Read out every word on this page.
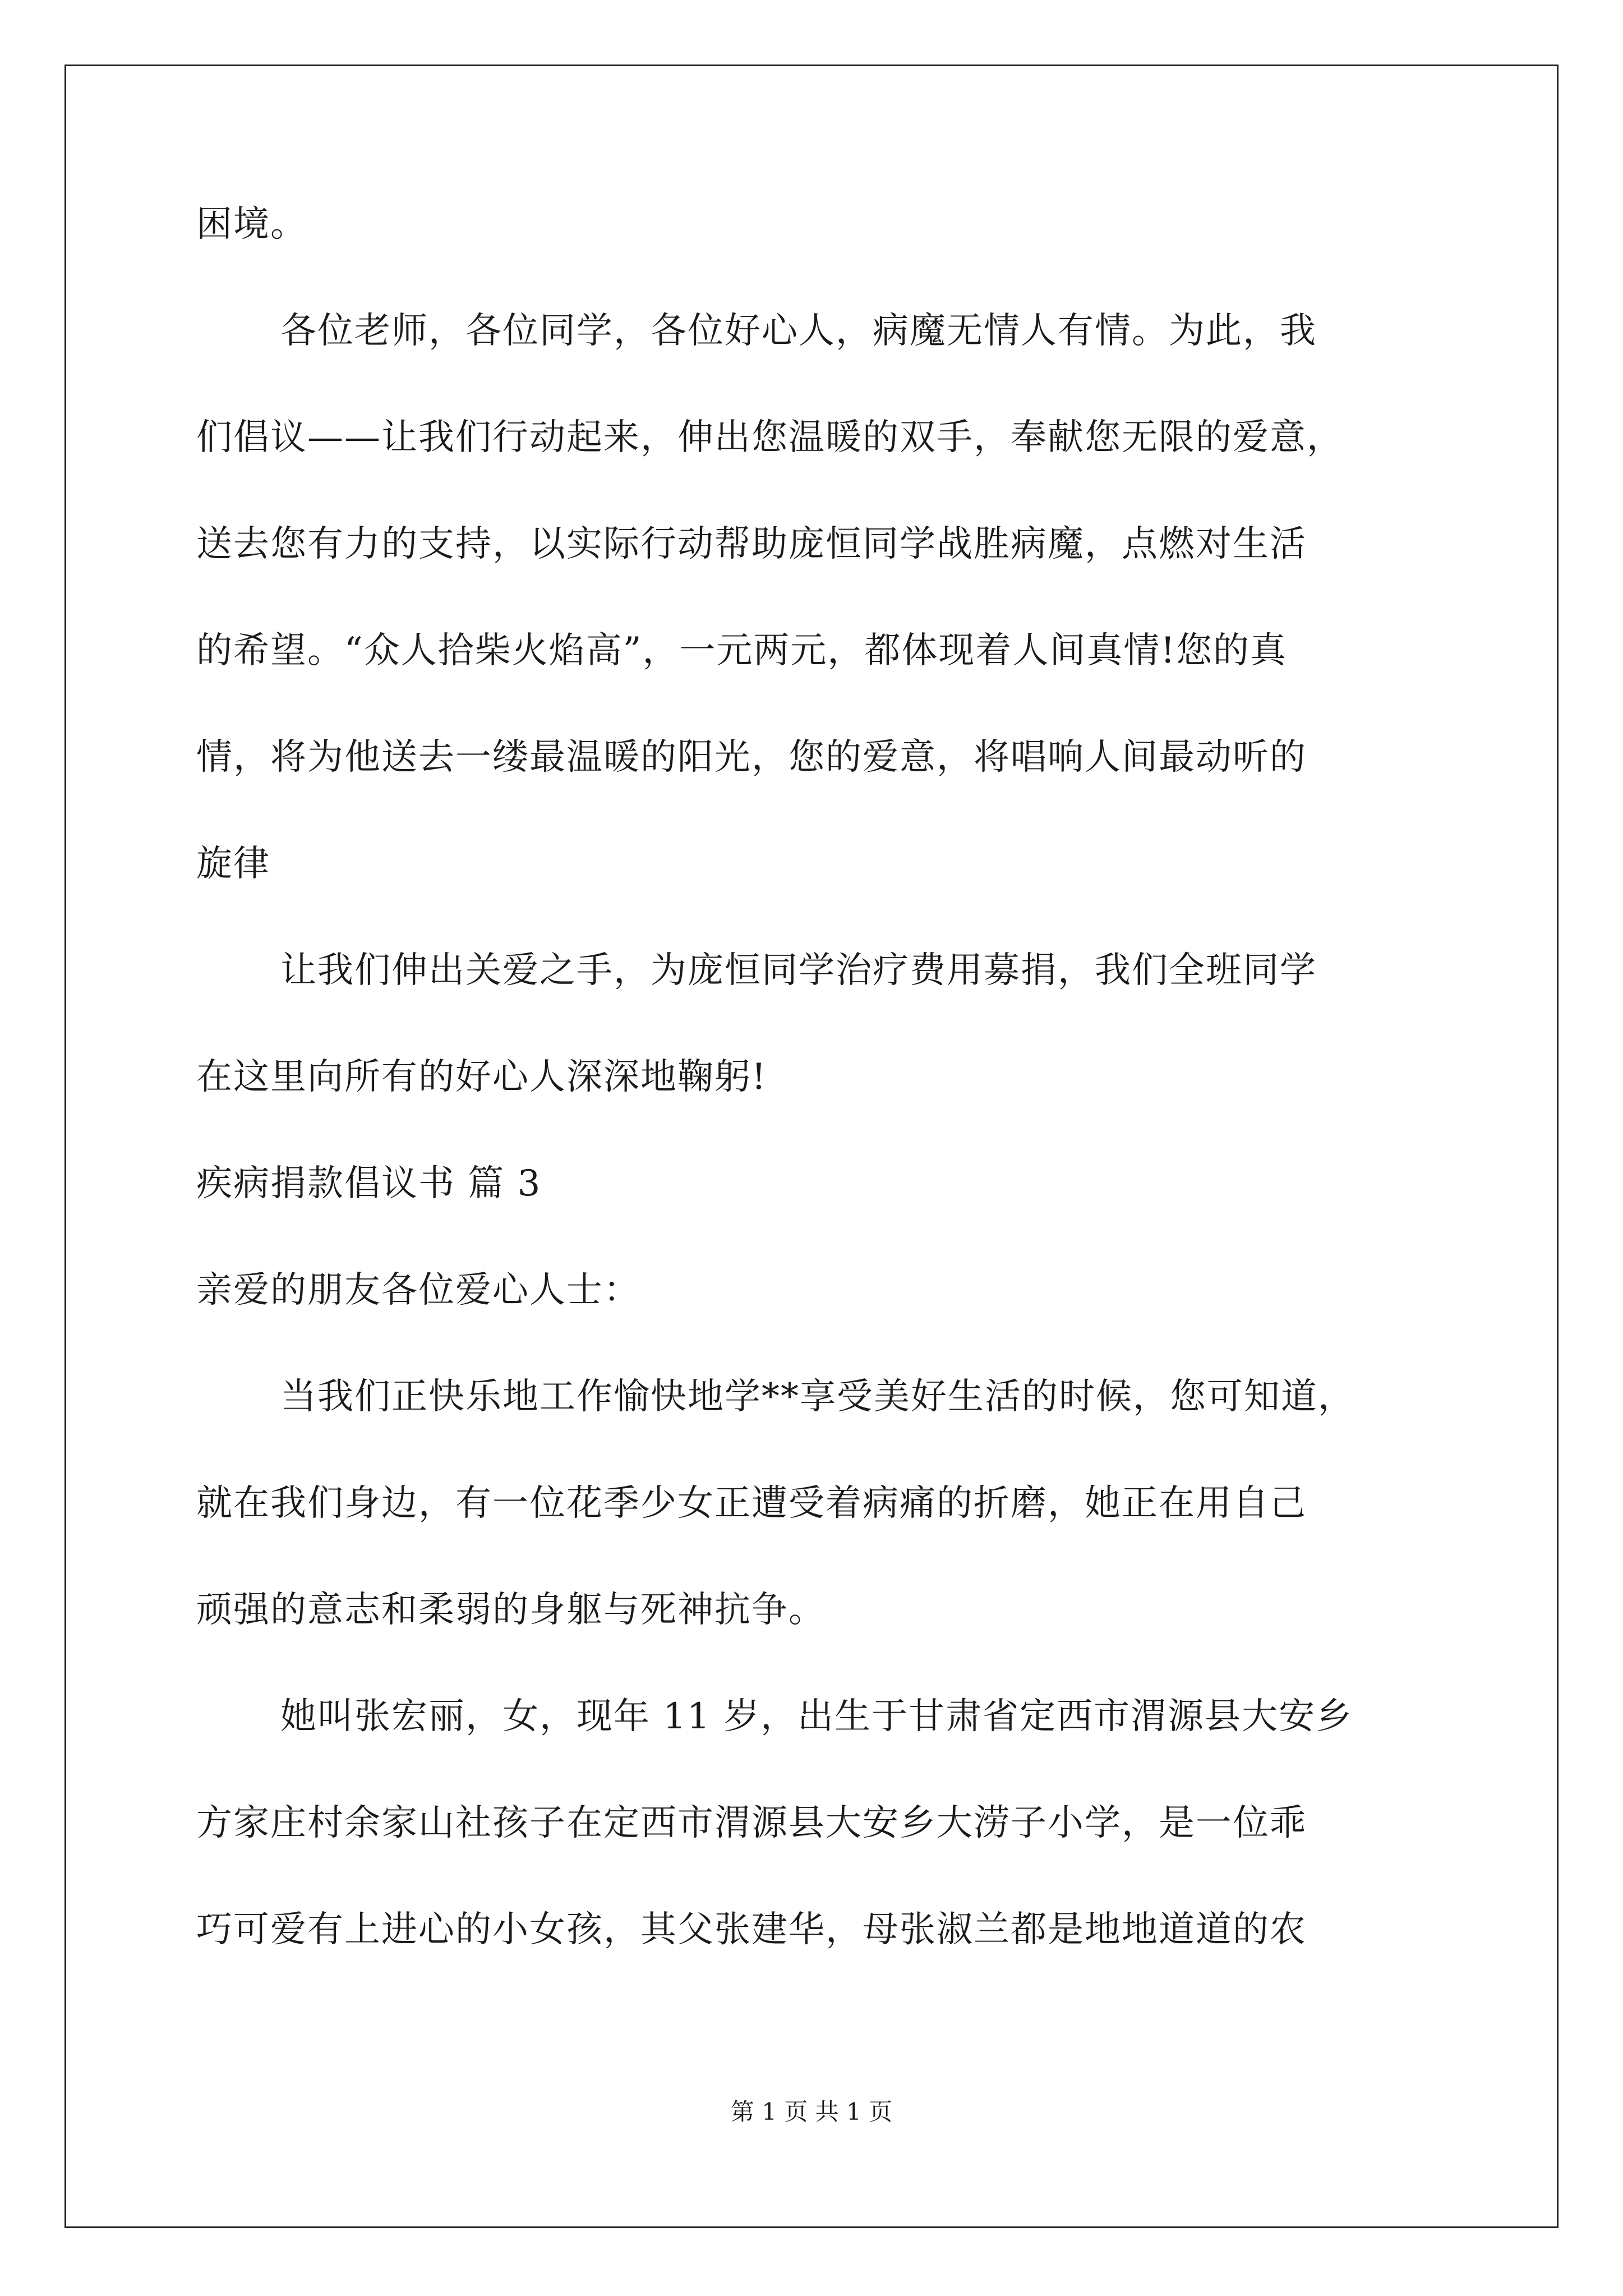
困境。
各位老师，各位同学，各位好心人，病魔无情人有情。为此，我
们倡议——让我们行动起来，伸出您温暖的双手，奉献您无限的爱意，
送去您有力的支持，以实际行动帮助庞恒同学战胜病魔，点燃对生活
的希望。“众人拾柴火焰高”，一元两元，都体现着人间真情!您的真
情，将为他送去一缕最温暖的阳光，您的爱意，将唱响人间最动听的
旋律
让我们伸出关爱之手，为庞恒同学治疗费用募捐，我们全班同学
在这里向所有的好心人深深地鞠躬!
疾病捐款倡议书 篇 3
亲爱的朋友各位爱心人士：
当我们正快乐地工作愉快地学**享受美好生活的时候，您可知道，
就在我们身边，有一位花季少女正遭受着病痛的折磨，她正在用自己
顽强的意志和柔弱的身躯与死神抗争。
她叫张宏丽，女，现年 11 岁，出生于甘肃省定西市渭源县大安乡
方家庄村余家山社孩子在定西市渭源县大安乡大涝子小学，是一位乖
巧可爱有上进心的小女孩，其父张建华，母张淑兰都是地地道道的农
第 1 页 共 1 页
